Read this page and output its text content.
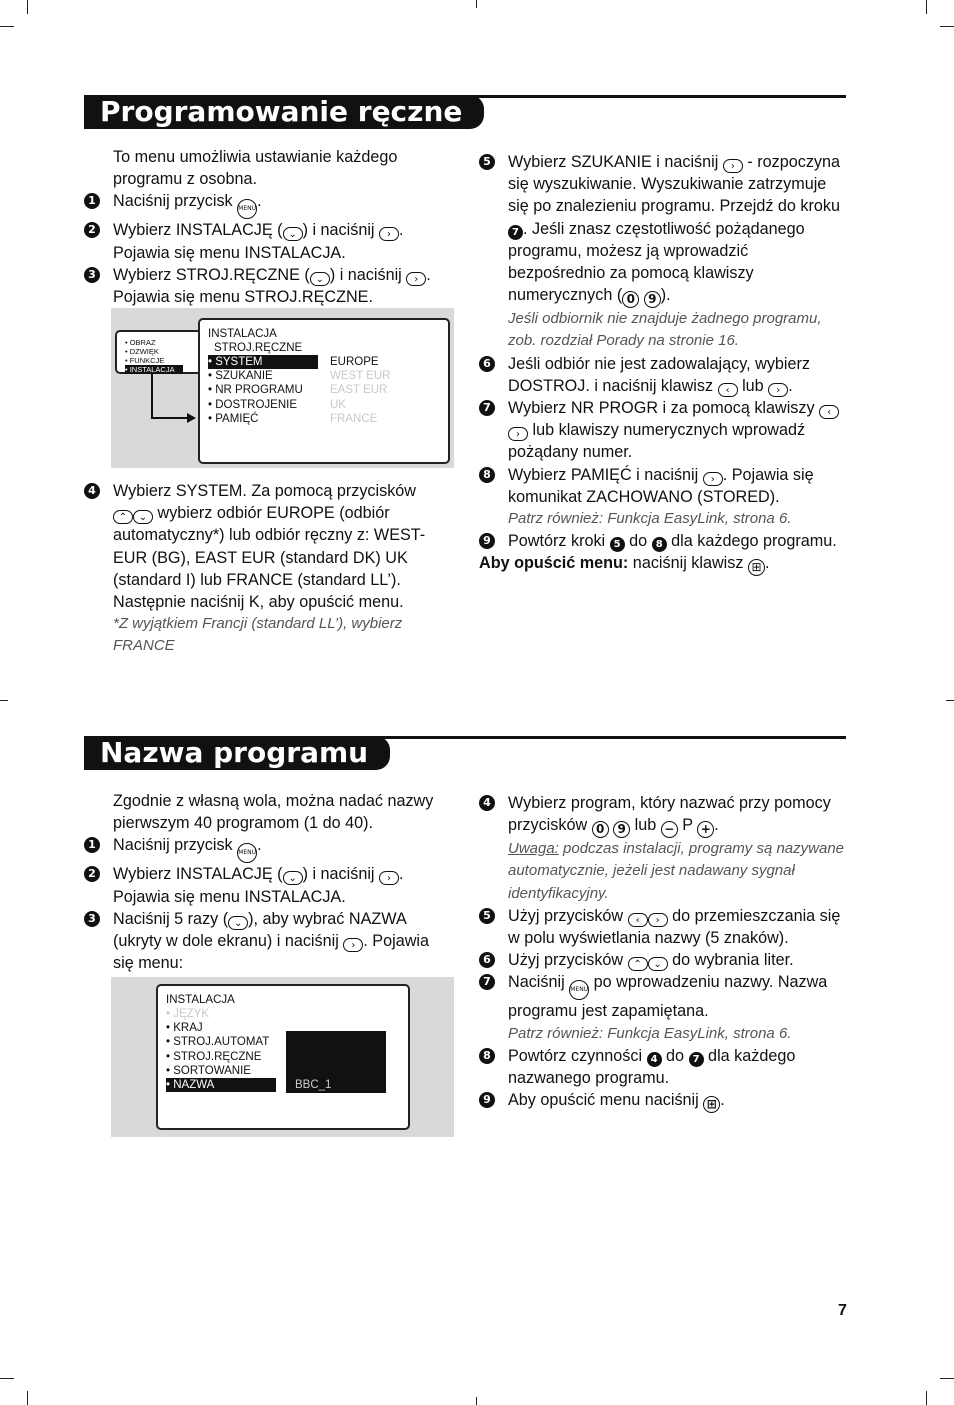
Programowanie ręczne
To menu umożliwia ustawianie każdego programu z osobna.
1 Naciśnij przycisk MENU.
2 Wybierz INSTALACJĘ ( ⌄ ) i naciśnij › . Pojawia się menu INSTALACJA.
3 Wybierz STROJ.RĘCZNE ( ⌄ ) i naciśnij › . Pojawia się menu STROJ.RĘCZNE.
• OBRAZ
• DZWIĘK
• FUNKCJE
• INSTALACJA
INSTALACJA
STROJ.RĘCZNE
• SYSTEM
• SZUKANIE
• NR PROGRAMU
• DOSTROJENIE
• PAMIĘĆ
EUROPE
WEST EUR
EAST EUR
UK
FRANCE
4 Wybierz SYSTEM. Za pomocą przycisków ⌃ ⌄ wybierz odbiór EUROPE (odbiór automatyczny*) lub odbiór ręczny z: WEST-EUR (BG), EAST EUR (standard DK) UK (standard I) lub FRANCE (standard LL’). Następnie naciśnij K, aby opuścić menu.
*Z wyjątkiem Francji (standard LL’), wybierz FRANCE
5 Wybierz SZUKANIE i naciśnij › - rozpoczyna się wyszukiwanie. Wyszukiwanie zatrzymuje się po znalezieniu programu. Przejdź do kroku 7 . Jeśli znasz częstotliwość pożądanego programu, możesz ją wprowadzić bezpośrednio za pomocą klawiszy numerycznych ( 0 9 ).
Jeśli odbiornik nie znajduje żadnego programu, zob. rozdział Porady na stronie 16.
6 Jeśli odbiór nie jest zadowalający, wybierz DOSTROJ. i naciśnij klawisz ‹ lub › .
7 Wybierz NR PROGR i za pomocą klawiszy ‹› lub klawiszy numerycznych wprowadź pożądany numer.
8 Wybierz PAMIĘĆ i naciśnij › . Pojawia się komunikat ZACHOWANO (STORED).
Patrz również: Funkcja EasyLink, strona 6.
9 Powtórz kroki 5 do 8 dla każdego programu.
Aby opuścić menu: naciśnij klawisz ⊞ .
Nazwa programu
Zgodnie z własną wola, można nadać nazwy pierwszym 40 programom (1 do 40).
1 Naciśnij przycisk MENU.
2 Wybierz INSTALACJĘ ( ⌄ ) i naciśnij › . Pojawia się menu INSTALACJA.
3 Naciśnij 5 razy ( ⌄ ), aby wybrać NAZWA (ukryty w dole ekranu) i naciśnij › . Pojawia się menu:
INSTALACJA
• JĘZYK
• KRAJ
• STROJ.AUTOMAT
• STROJ.RĘCZNE
• SORTOWANIE
• NAZWA	BBC_1
4 Wybierz program, który nazwać przy pomocy przycisków 0 9 lub − P + .
Uwaga: podczas instalacji, programy są nazywane automatycznie, jeżeli jest nadawany sygnał identyfikacyjny.
5 Użyj przycisków ‹ › do przemieszczania się w polu wyświetlania nazwy (5 znaków).
6 Użyj przycisków ⌃ ⌄ do wybrania liter.
7 Naciśnij MENU po wprowadzeniu nazwy. Nazwa programu jest zapamiętana.
Patrz również: Funkcja EasyLink, strona 6.
8 Powtórz czynności 4 do 7 dla każdego nazwanego programu.
9 Aby opuścić menu naciśnij ⊞ .
7
